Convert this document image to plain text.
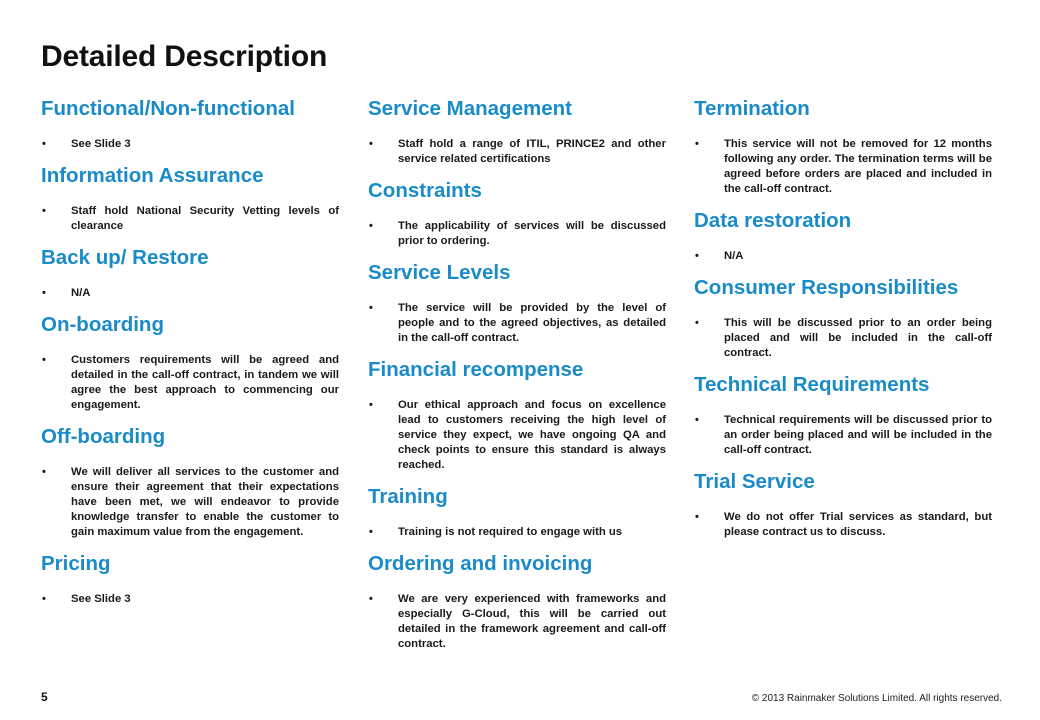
Detailed Description
Functional/Non-functional
• See Slide 3
Information Assurance
• Staff hold National Security Vetting levels of clearance
Back up/ Restore
• N/A
On-boarding
• Customers requirements will be agreed and detailed in the call-off contract, in tandem we will agree the best approach to commencing our engagement.
Off-boarding
• We will deliver all services to the customer and ensure their agreement that their expectations have been met, we will endeavor to provide knowledge transfer to enable the customer to gain maximum value from the engagement.
Pricing
• See Slide 3
Service Management
• Staff hold a range of ITIL, PRINCE2 and other service related certifications
Constraints
• The applicability of services will be discussed prior to ordering.
Service Levels
• The service will be provided by the level of people and to the agreed objectives, as detailed in the call-off contract.
Financial recompense
• Our ethical approach and focus on excellence lead to customers receiving the high level of service they expect, we have ongoing QA and check points to ensure this standard is always reached.
Training
• Training is not required to engage with us
Ordering and invoicing
• We are very experienced with frameworks and especially G-Cloud, this will be carried out detailed in the framework agreement and call-off contract.
Termination
• This service will not be removed for 12 months following any order. The termination terms will be agreed before orders are placed and included in the call-off contract.
Data restoration
• N/A
Consumer Responsibilities
• This will be discussed prior to an order being placed and will be included in the call-off contract.
Technical Requirements
• Technical requirements will be discussed prior to an order being placed and will be included in the call-off contract.
Trial Service
• We do not offer Trial services as standard, but please contract us to discuss.
5	© 2013 Rainmaker Solutions Limited. All rights reserved.
